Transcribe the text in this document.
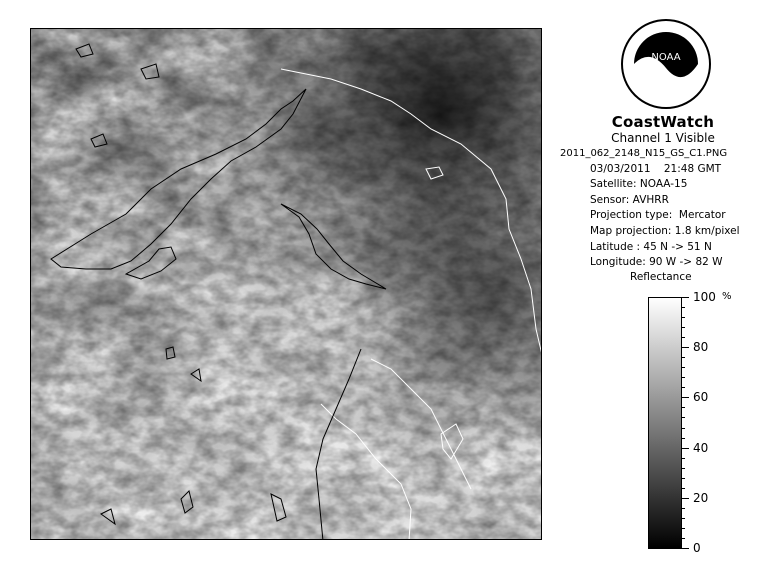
NOAA
CoastWatch
Channel 1 Visible
2011_062_2148_N15_GS_C1.PNG
03/03/2011    21:48 GMT
Satellite: NOAA-15
Sensor: AVHRR
Projection type:  Mercator
Map projection: 1.8 km/pixel
Latitude : 45 N -> 51 N
Longitude: 90 W -> 82 W
Reflectance
%
100
80
60
40
20
0
